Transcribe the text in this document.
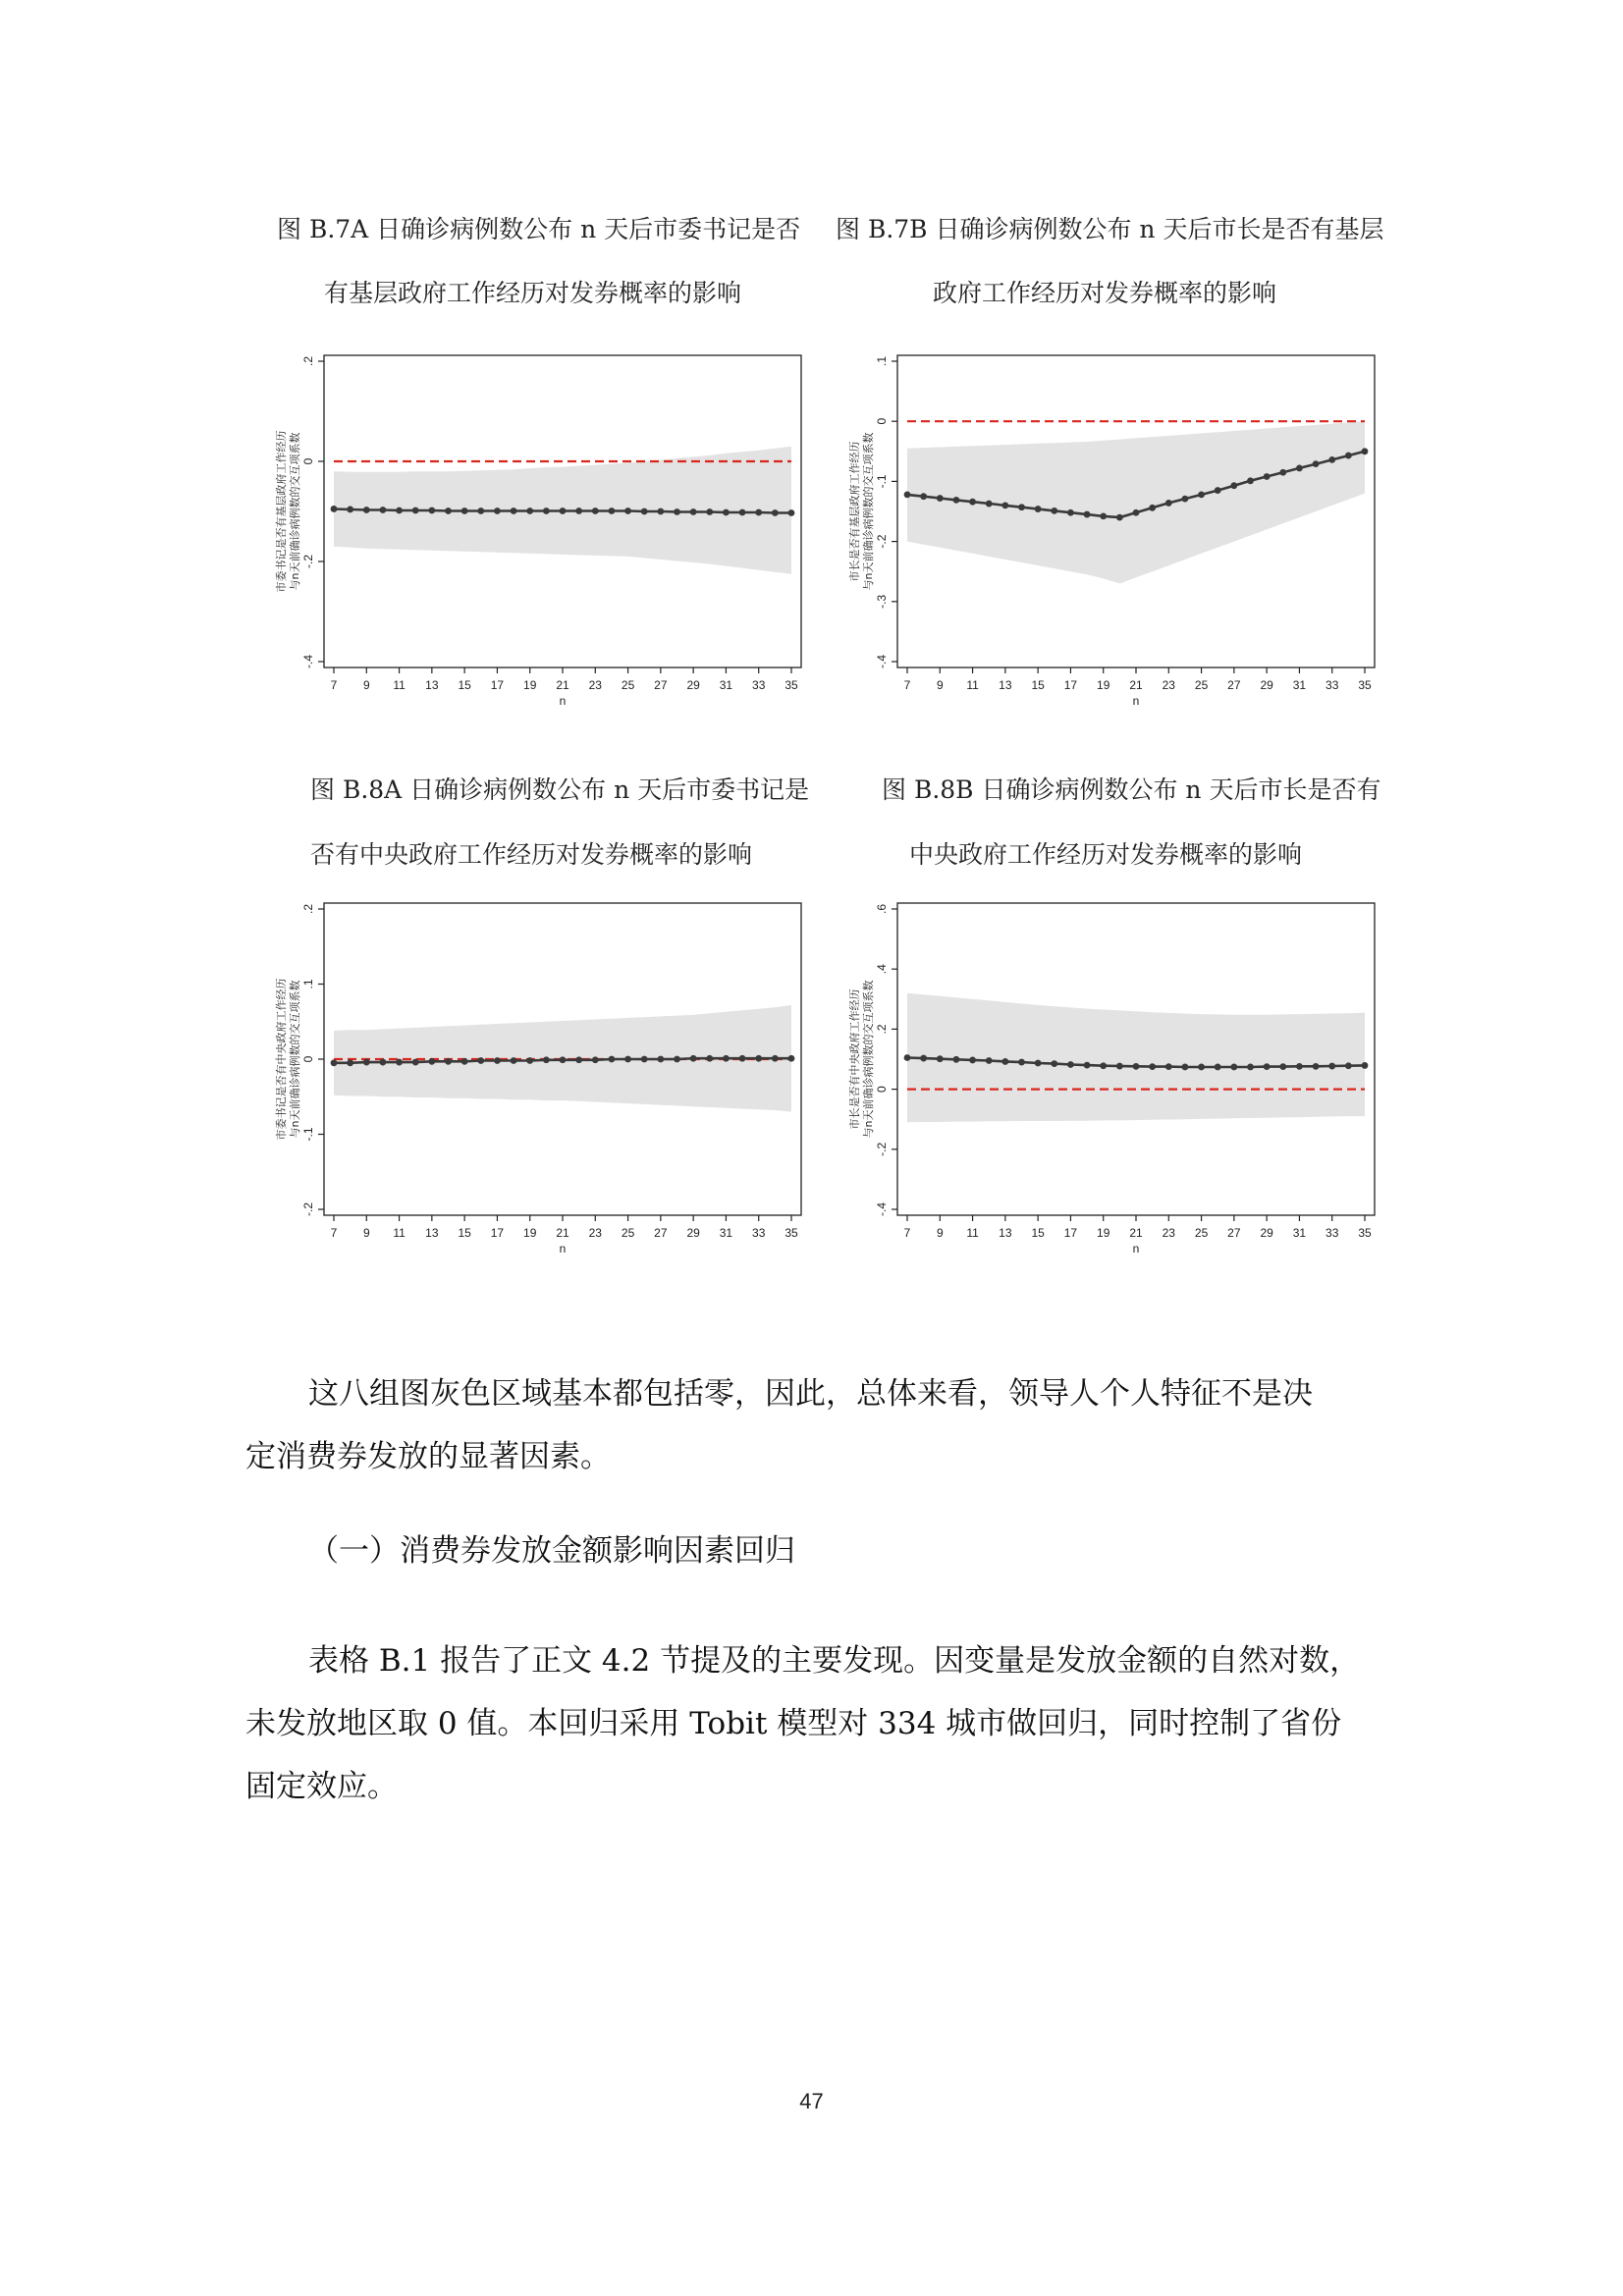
图 B.7A 日确诊病例数公布 n 天后市委书记是否
有基层政府工作经历对发券概率的影响
图 B.7B 日确诊病例数公布 n 天后市长是否有基层
政府工作经历对发券概率的影响
7 9 11 13 15 17 19 21 23 25 27 29 31 33 35
n
-.4
-.2
0
.2
市委书记是否有基层政府工作经历 与n天前确诊病例数的交互项系数
7 9 11 13 15 17 19 21 23 25 27 29 31 33 35
n
-.4
-.3
-.2
-.1
0
.1
市长是否有基层政府工作经历 与n天前确诊病例数的交互项系数
图 B.8A 日确诊病例数公布 n 天后市委书记是
否有中央政府工作经历对发券概率的影响
图 B.8B 日确诊病例数公布 n 天后市长是否有
中央政府工作经历对发券概率的影响
7 9 11 13 15 17 19 21 23 25 27 29 31 33 35
n
-.2
-.1
0
.1
.2
市委书记是否有中央政府工作经历 与n天前确诊病例数的交互项系数
7 9 11 13 15 17 19 21 23 25 27 29 31 33 35
n
-.4
-.2
0
.2
.4
.6
市长是否有中央政府工作经历 与n天前确诊病例数的交互项系数
这八组图灰色区域基本都包括零，因此，总体来看，领导人个人特征不是决
定消费券发放的显著因素。
（一）消费券发放金额影响因素回归
表格 B.1 报告了正文 4.2 节提及的主要发现。因变量是发放金额的自然对数，
未发放地区取 0 值。本回归采用 Tobit 模型对 334 城市做回归，同时控制了省份
固定效应。
47
